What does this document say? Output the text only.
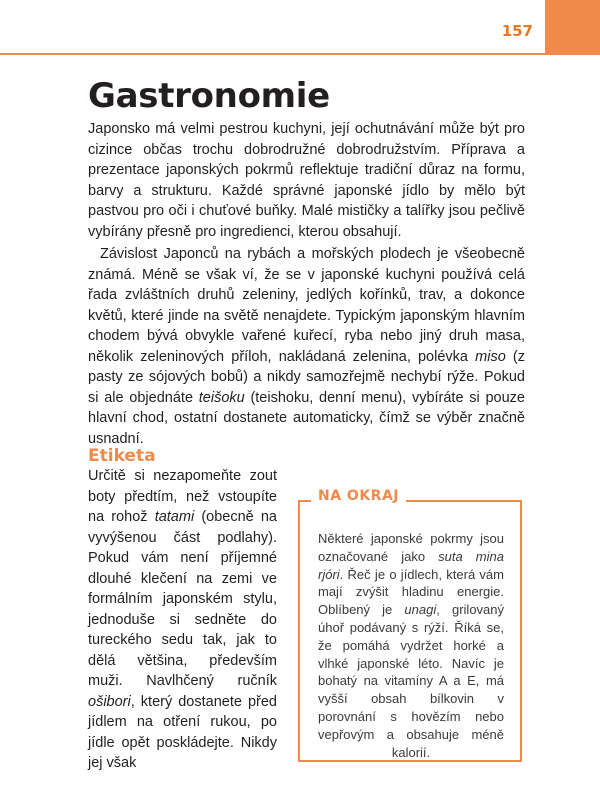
157
Gastronomie

Japonsko má velmi pestrou kuchyni, její ochutnávání může být pro cizince občas trochu dobrodružné dobrodružstvím. Příprava a prezentace japonských pokrmů reflektuje tradiční důraz na formu, barvy a strukturu. Každé správné japonské jídlo by mělo být pastvou pro oči i chuťové buňky. Malé mističky a talířky jsou pečlivě vybírány přesně pro ingredienci, kterou obsahují.

Závislost Japonců na rybách a mořských plodech je všeobecně známá. Méně se však ví, že se v japonské kuchyni používá celá řada zvláštních druhů zeleniny, jedlých kořínků, trav, a dokonce květů, které jinde na světě nenajdete. Typickým japonským hlavním chodem bývá obvykle vařené kuřecí, ryba nebo jiný druh masa, několik zeleninových příloh, nakládaná zelenina, polévka miso (z pasty ze sójových bobů) a nikdy samozřejmě nechybí rýže. Pokud si ale objednáte teišoku (teishoku, denní menu), vybíráte si pouze hlavní chod, ostatní dostanete automaticky, čímž se výběr značně usnadní.

Etiketa

Určitě si nezapomeňte zout boty předtím, než vstoupíte na rohož tatami (obecně na vyvýšenou část podlahy). Pokud vám není příjemné dlouhé klečení na zemi ve formálním japonském stylu, jednoduše si sedněte do tureckého sedu tak, jak to dělá většina, především muži. Navlhčený ručník ošibori, který dostanete před jídlem na otření rukou, po jídle opět poskládejte. Nikdy jej však

NA OKRAJ

Některé japonské pokrmy jsou označované jako suta mina rjóri. Řeč je o jídlech, která vám mají zvýšit hladinu energie. Oblíbený je unagi, grilovaný úhoř podávaný s rýží. Říká se, že pomáhá vydržet horké a vlhké japonské léto. Navíc je bohatý na vitamíny A a E, má vyšší obsah bílkovin v porovnání s hovězím nebo vepřovým a obsahuje méně kalorií.
